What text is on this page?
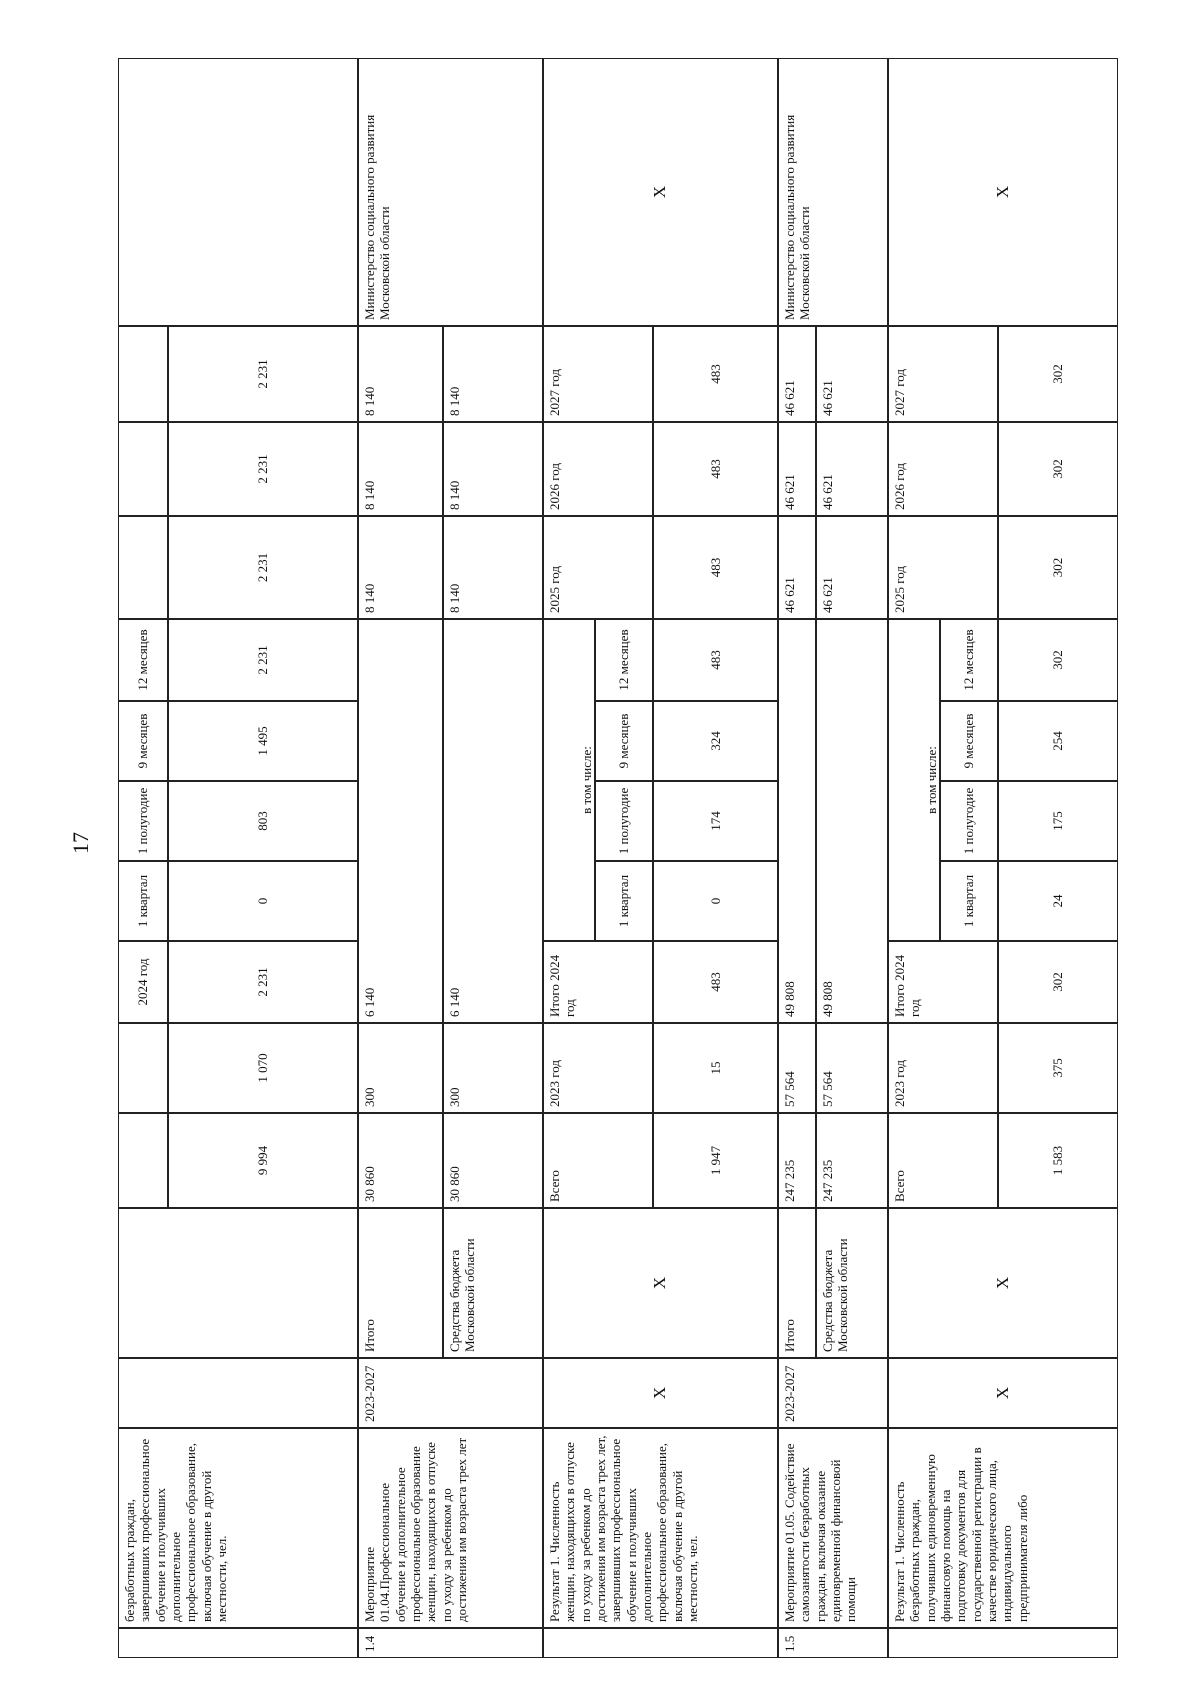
17
безработных граждан, завершивших профессиональное обучение и получивших дополнительное профессиональное образование, включая обучение в другой местности, чел.
2024 год
1 квартал
1 полугодие
9 месяцев
12 месяцев
9 994
1 070
2 231
0
803
1 495
2 231
2 231
2 231
2 231
1.4
Мероприятие 01.04.Профессиональное обучение и дополнительное профессиональное образование женщин, находящихся в отпуске по уходу за ребенком до достижения им возраста трех лет
2023-2027
Итого
30 860
300
6 140
8 140
8 140
8 140
Министерство социального развития Московской области
Средства бюджета Московской области
30 860
300
6 140
8 140
8 140
8 140
Результат 1. Численность женщин, находящихся в отпуске по уходу за ребенком до достижения им возраста трех лет, завершивших профессиональное обучение и получивших дополнительное профессиональное образование, включая обучение в другой местности, чел.
Х
Х
Всего
2023 год
Итого 2024 год
в том числе:
1 квартал
1 полугодие
9 месяцев
12 месяцев
2025 год
2026 год
2027 год
Х
1 947
15
483
0
174
324
483
483
483
483
1.5
Мероприятие 01.05. Содействие самозанятости безработных граждан, включая оказание единовременной финансовой помощи
2023-2027
Итого
247 235
57 564
49 808
46 621
46 621
46 621
Министерство социального развития Московской области
Средства бюджета Московской области
247 235
57 564
49 808
46 621
46 621
46 621
Результат 1. Численность безработных граждан, получивших единовременную финансовую помощь на подготовку документов для государственной регистрации в качестве юридического лица, индивидуального предпринимателя либо
Х
Х
Всего
2023 год
Итого 2024 год
в том числе:
1 квартал
1 полугодие
9 месяцев
12 месяцев
2025 год
2026 год
2027 год
Х
1 583
375
302
24
175
254
302
302
302
302
